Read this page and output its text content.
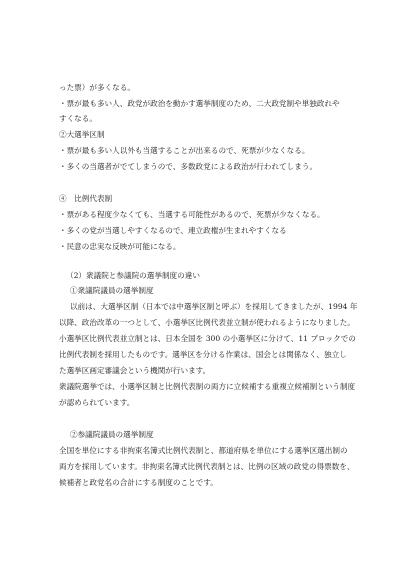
った票）が多くなる。
・票が最も多い人、政党が政治を動かす選挙制度のため、二大政党制や単独政れや
すくなる。
②大選挙区制
・票が最も多い人以外も当選することが出来るので、死票が少なくなる。
・多くの当選者がでてしまうので、多数政党による政治が行われてしまう。
④　比例代表制
・票がある程度少なくても、当選する可能性があるので、死票が少なくなる。
・多くの党が当選しやすくなるので、連立政権が生まれやすくなる
・民意の忠実な反映が可能になる。
（2）衆議院と参議院の選挙制度の違い
①衆議院議員の選挙制度
以前は、大選挙区制（日本では中選挙区制と呼ぶ）を採用してきましたが、1994 年
以降、政治改革の一つとして、小選挙区比例代表並立制が使われるようになりました。
小選挙区比例代表並立制とは、日本全国を 300 の小選挙区に分けて、11 ブロックでの
比例代表制を採用したものです。選挙区を分ける作業は、国会とは関係なく、独立し
た選挙区画定審議会という機関が行います。
衆議院選挙では、小選挙区制と比例代表制の両方に立候補する重複立候補制という制度
が認められています。
②参議院議員の選挙制度
全国を単位にする非拘束名簿式比例代表制と、都道府県を単位にする選挙区選出制の
両方を採用しています。非拘束名簿式比例代表制とは、比例の区域の政党の得票数を、
候補者と政党名の合計にする制度のことです。
